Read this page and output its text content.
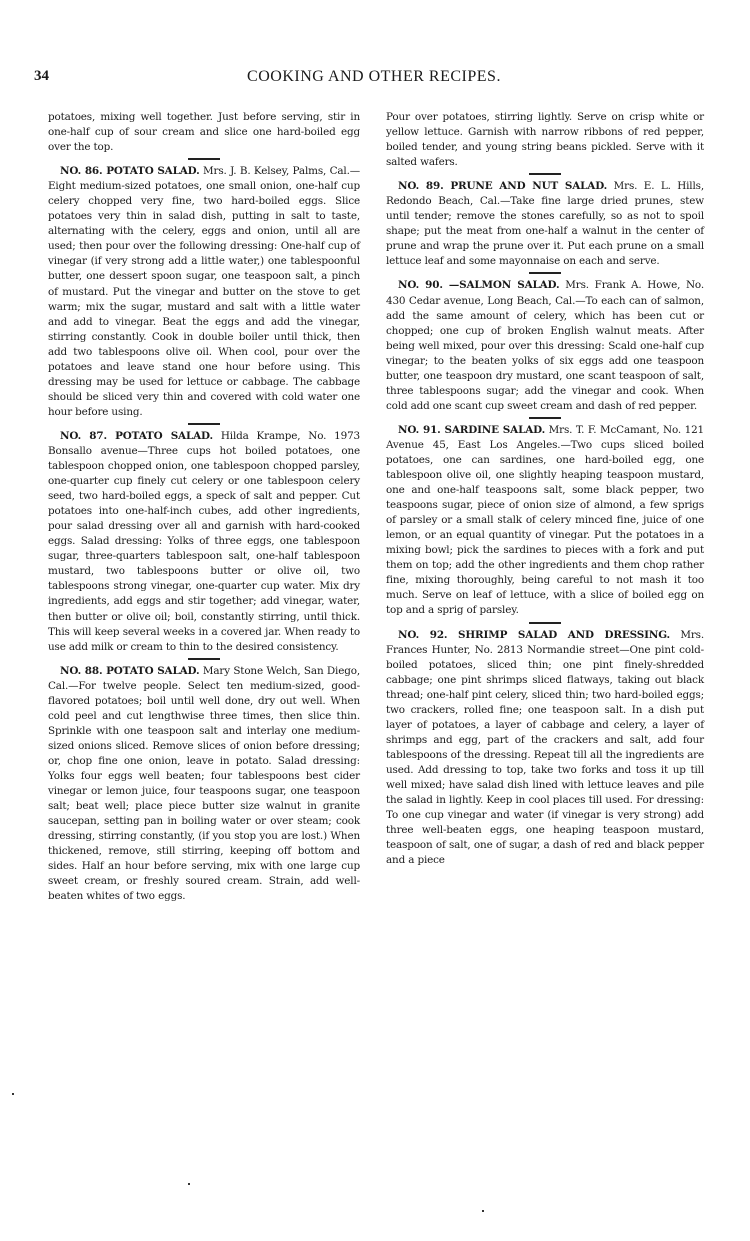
34	COOKING AND OTHER RECIPES.

potatoes, mixing well together. Just before serving, stir in one-half cup of sour cream and slice one hard-boiled egg over the top.

NO. 86. POTATO SALAD. Mrs. J. B. Kelsey, Palms, Cal.—Eight medium-sized potatoes, one small onion, one-half cup celery chopped very fine, two hard-boiled eggs. Slice potatoes very thin in salad dish, putting in salt to taste, alternating with the celery, eggs and onion, until all are used; then pour over the following dressing: One-half cup of vinegar (if very strong add a little water,) one tablespoonful butter, one dessert spoon sugar, one teaspoon salt, a pinch of mustard. Put the vinegar and butter on the stove to get warm; mix the sugar, mustard and salt with a little water and add to vinegar. Beat the eggs and add the vinegar, stirring constantly. Cook in double boiler until thick, then add two tablespoons olive oil. When cool, pour over the potatoes and leave stand one hour before using. This dressing may be used for lettuce or cabbage. The cabbage should be sliced very thin and covered with cold water one hour before using.

NO. 87. POTATO SALAD. Hilda Krampe, No. 1973 Bonsallo avenue—Three cups hot boiled potatoes, one tablespoon chopped onion, one tablespoon chopped parsley, one-quarter cup finely cut celery or one tablespoon celery seed, two hard-boiled eggs, a speck of salt and pepper. Cut potatoes into one-half-inch cubes, add other ingredients, pour salad dressing over all and garnish with hard-cooked eggs. Salad dressing: Yolks of three eggs, one tablespoon sugar, three-quarters tablespoon salt, one-half tablespoon mustard, two tablespoons butter or olive oil, two tablespoons strong vinegar, one-quarter cup water. Mix dry ingredients, add eggs and stir together; add vinegar, water, then butter or olive oil; boil, constantly stirring, until thick. This will keep several weeks in a covered jar. When ready to use add milk or cream to thin to the desired consistency.

NO. 88. POTATO SALAD. Mary Stone Welch, San Diego, Cal.—For twelve people. Select ten medium-sized, good-flavored potatoes; boil until well done, dry out well. When cold peel and cut lengthwise three times, then slice thin. Sprinkle with one teaspoon salt and interlay one medium-sized onions sliced. Remove slices of onion before dressing; or, chop fine one onion, leave in potato. Salad dressing: Yolks four eggs well beaten; four tablespoons best cider vinegar or lemon juice, four teaspoons sugar, one teaspoon salt; beat well; place piece butter size walnut in granite saucepan, setting pan in boiling water or over steam; cook dressing, stirring constantly, (if you stop you are lost.) When thickened, remove, still stirring, keeping off bottom and sides. Half an hour before serving, mix with one large cup sweet cream, or freshly soured cream. Strain, add well-beaten whites of two eggs.

Pour over potatoes, stirring lightly. Serve on crisp white or yellow lettuce. Garnish with narrow ribbons of red pepper, boiled tender, and young string beans pickled. Serve with it salted wafers.

NO. 89. PRUNE AND NUT SALAD. Mrs. E. L. Hills, Redondo Beach, Cal.—Take fine large dried prunes, stew until tender; remove the stones carefully, so as not to spoil shape; put the meat from one-half a walnut in the center of prune and wrap the prune over it. Put each prune on a small lettuce leaf and some mayonnaise on each and serve.

NO. 90. —SALMON SALAD. Mrs. Frank A. Howe, No. 430 Cedar avenue, Long Beach, Cal.—To each can of salmon, add the same amount of celery, which has been cut or chopped; one cup of broken English walnut meats. After being well mixed, pour over this dressing: Scald one-half cup vinegar; to the beaten yolks of six eggs add one teaspoon butter, one teaspoon dry mustard, one scant teaspoon of salt, three tablespoons sugar; add the vinegar and cook. When cold add one scant cup sweet cream and dash of red pepper.

NO. 91. SARDINE SALAD. Mrs. T. F. McCamant, No. 121 Avenue 45, East Los Angeles.—Two cups sliced boiled potatoes, one can sardines, one hard-boiled egg, one tablespoon olive oil, one slightly heaping teaspoon mustard, one and one-half teaspoons salt, some black pepper, two teaspoons sugar, piece of onion size of almond, a few sprigs of parsley or a small stalk of celery minced fine, juice of one lemon, or an equal quantity of vinegar. Put the potatoes in a mixing bowl; pick the sardines to pieces with a fork and put them on top; add the other ingredients and them chop rather fine, mixing thoroughly, being careful to not mash it too much. Serve on leaf of lettuce, with a slice of boiled egg on top and a sprig of parsley.

NO. 92. SHRIMP SALAD AND DRESSING. Mrs. Frances Hunter, No. 2813 Normandie street—One pint cold-boiled potatoes, sliced thin; one pint finely-shredded cabbage; one pint shrimps sliced flatways, taking out black thread; one-half pint celery, sliced thin; two hard-boiled eggs; two crackers, rolled fine; one teaspoon salt. In a dish put layer of potatoes, a layer of cabbage and celery, a layer of shrimps and egg, part of the crackers and salt, add four tablespoons of the dressing. Repeat till all the ingredients are used. Add dressing to top, take two forks and toss it up till well mixed; have salad dish lined with lettuce leaves and pile the salad in lightly. Keep in cool places till used. For dressing: To one cup vinegar and water (if vinegar is very strong) add three well-beaten eggs, one heaping teaspoon mustard, teaspoon of salt, one of sugar, a dash of red and black pepper and a piece
